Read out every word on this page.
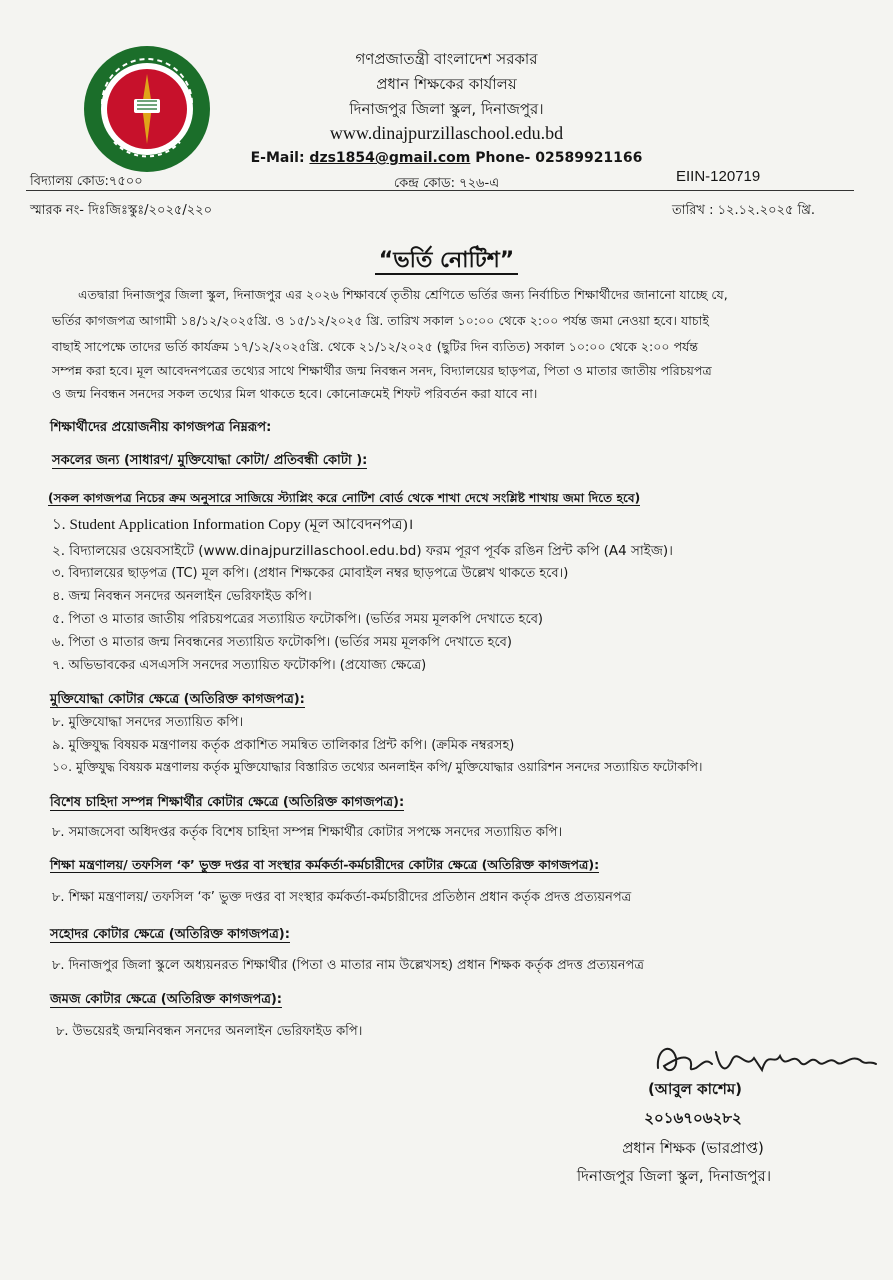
গণপ্রজাতন্ত্রী বাংলাদেশ সরকার
প্রধান শিক্ষকের কার্যালয়
দিনাজপুর জিলা স্কুল, দিনাজপুর।
www.dinajpurzillaschool.edu.bd
E-Mail: dzs1854@gmail.com Phone- 02589921166
বিদ্যালয় কোড:৭৫০০	কেন্দ্র কোড: ৭২৬-এ	EIIN-120719
স্মারক নং- দিঃজিঃস্কুঃ/২০২৫/২২০	তারিখ : ১২.১২.২০২৫ খ্রি.
“ভর্তি নোটিশ”
এতদ্বারা দিনাজপুর জিলা স্কুল, দিনাজপুর এর ২০২৬ শিক্ষাবর্ষে তৃতীয় শ্রেণিতে ভর্তির জন্য নির্বাচিত শিক্ষার্থীদের জানানো যাচ্ছে যে,
ভর্তির কাগজপত্র আগামী ১৪/১২/২০২৫খ্রি. ও ১৫/১২/২০২৫ খ্রি. তারিখ সকাল ১০:০০ থেকে ২:০০ পর্যন্ত জমা নেওয়া হবে। যাচাই
বাছাই সাপেক্ষে তাদের ভর্তি কার্যক্রম ১৭/১২/২০২৫খ্রি. থেকে ২১/১২/২০২৫ (ছুটির দিন ব্যতিত) সকাল ১০:০০ থেকে ২:০০ পর্যন্ত
সম্পন্ন করা হবে। মূল আবেদনপত্রের তথ্যের সাথে শিক্ষার্থীর জন্ম নিবন্ধন সনদ, বিদ্যালয়ের ছাড়পত্র, পিতা ও মাতার জাতীয় পরিচয়পত্র
ও জন্ম নিবন্ধন সনদের সকল তথ্যের মিল থাকতে হবে। কোনোক্রমেই শিফট পরিবর্তন করা যাবে না।
শিক্ষার্থীদের প্রয়োজনীয় কাগজপত্র নিম্নরূপ:
সকলের জন্য (সাধারণ/ মুক্তিযোদ্ধা কোটা/ প্রতিবন্ধী কোটা ):
(সকল কাগজপত্র নিচের ক্রম অনুসারে সাজিয়ে স্ট্যাপ্লিং করে নোটিশ বোর্ড থেকে শাখা দেখে সংশ্লিষ্ট শাখায় জমা দিতে হবে)
১. Student Application Information Copy (মূল আবেদনপত্র)।
২. বিদ্যালয়ের ওয়েবসাইটে (www.dinajpurzillaschool.edu.bd) ফরম পূরণ পূর্বক রঙিন প্রিন্ট কপি (A4 সাইজ)।
৩. বিদ্যালয়ের ছাড়পত্র (TC) মূল কপি। (প্রধান শিক্ষকের মোবাইল নম্বর ছাড়পত্রে উল্লেখ থাকতে হবে।)
৪. জন্ম নিবন্ধন সনদের অনলাইন ভেরিফাইড কপি।
৫. পিতা ও মাতার জাতীয় পরিচয়পত্রের সত্যায়িত ফটোকপি। (ভর্তির সময় মূলকপি দেখাতে হবে)
৬. পিতা ও মাতার জন্ম নিবন্ধনের সত্যায়িত ফটোকপি। (ভর্তির সময় মূলকপি দেখাতে হবে)
৭. অভিভাবকের এসএসসি সনদের সত্যায়িত ফটোকপি। (প্রযোজ্য ক্ষেত্রে)
মুক্তিযোদ্ধা কোটার ক্ষেত্রে (অতিরিক্ত কাগজপত্র):
৮. মুক্তিযোদ্ধা সনদের সত্যায়িত কপি।
৯. মুক্তিযুদ্ধ বিষয়ক মন্ত্রণালয় কর্তৃক প্রকাশিত সমন্বিত তালিকার প্রিন্ট কপি। (ক্রমিক নম্বরসহ)
১০. মুক্তিযুদ্ধ বিষয়ক মন্ত্রণালয় কর্তৃক মুক্তিযোদ্ধার বিস্তারিত তথ্যের অনলাইন কপি/ মুক্তিযোদ্ধার ওয়ারিশন সনদের সত্যায়িত ফটোকপি।
বিশেষ চাহিদা সম্পন্ন শিক্ষার্থীর কোটার ক্ষেত্রে (অতিরিক্ত কাগজপত্র):
৮. সমাজসেবা অধিদপ্তর কর্তৃক বিশেষ চাহিদা সম্পন্ন শিক্ষার্থীর কোটার সপক্ষে সনদের সত্যায়িত কপি।
শিক্ষা মন্ত্রণালয়/ তফসিল ‘ক’ ভুক্ত দপ্তর বা সংস্থার কর্মকর্তা-কর্মচারীদের কোটার ক্ষেত্রে (অতিরিক্ত কাগজপত্র):
৮. শিক্ষা মন্ত্রণালয়/ তফসিল ‘ক’ ভুক্ত দপ্তর বা সংস্থার কর্মকর্তা-কর্মচারীদের প্রতিষ্ঠান প্রধান কর্তৃক প্রদত্ত প্রত্যয়নপত্র
সহোদর কোটার ক্ষেত্রে (অতিরিক্ত কাগজপত্র):
৮. দিনাজপুর জিলা স্কুলে অধ্যয়নরত শিক্ষার্থীর (পিতা ও মাতার নাম উল্লেখসহ) প্রধান শিক্ষক কর্তৃক প্রদত্ত প্রত্যয়নপত্র
জমজ কোটার ক্ষেত্রে (অতিরিক্ত কাগজপত্র):
৮. উভয়েরই জন্মনিবন্ধন সনদের অনলাইন ভেরিফাইড কপি।
(আবুল কাশেম)
২০১৬৭০৬২৮২
প্রধান শিক্ষক (ভারপ্রাপ্ত)
দিনাজপুর জিলা স্কুল, দিনাজপুর।
